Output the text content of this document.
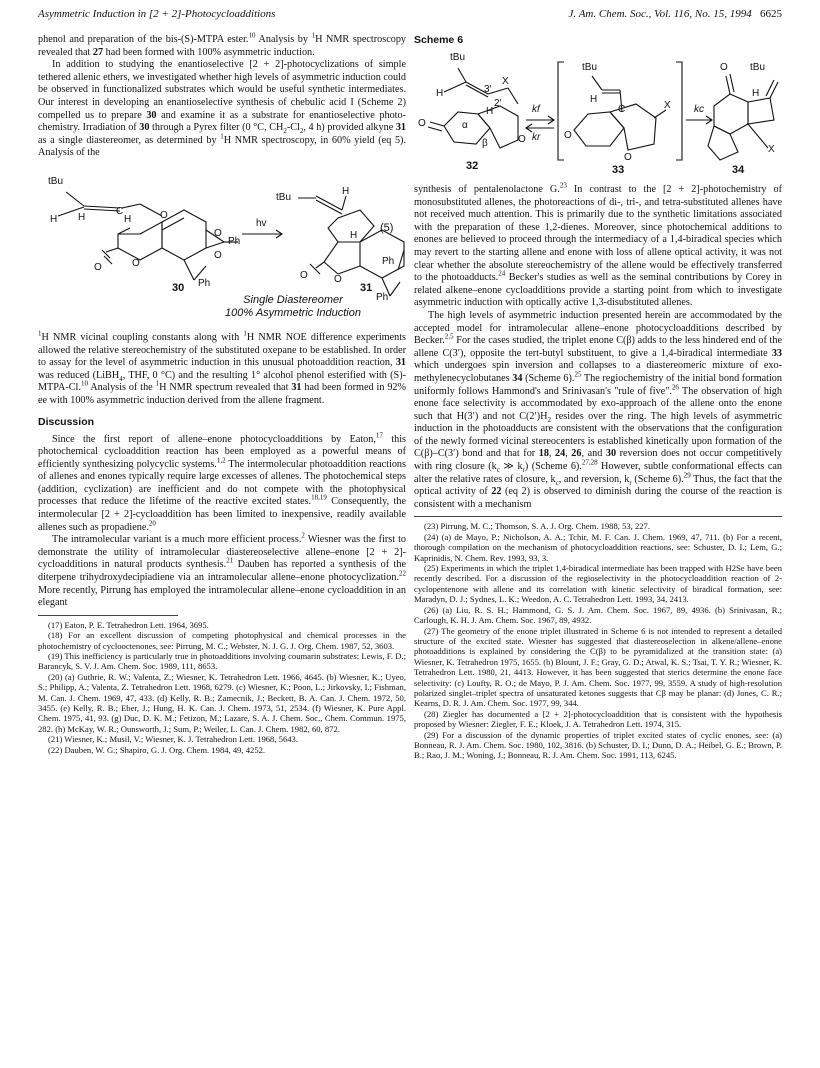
Asymmetric Induction in [2 + 2]-Photocycloadditions	J. Am. Chem. Soc., Vol. 116, No. 15, 1994 6625

phenol and preparation of the bis-(S)-MTPA ester.$^{10}$ Analysis by $^1$H NMR spectroscopy revealed that 27 had been formed with 100% asymmetric induction.

In addition to studying the enantioselective [2 + 2]-photocyclizations of simple tethered allenic ethers, we investigated whether high levels of asymmetric induction could be observed in functionalized substrates which would be useful synthetic intermediates. Our interest in developing an enantioselective synthesis of chebulic acid I (Scheme 2) compelled us to prepare 30 and examine it as a substrate for enantioselective photo-chemistry. Irradiation of 30 through a Pyrex filter (0 °C, $CH_2-Cl_2$, 4 h) provided alkyne 31 as a single diastereomer, as determined by $^1$H NMR spectroscopy, in 60% yield (eq 5). Analysis of the

tBu
H H
C
H	O
O	O
O
O
Ph
Ph
30
hv
tBu
H
H
O	O
Ph
31
Ph
(5)
Single Diastereomer
100% Asymmetric Induction

$^1$H NMR vicinal coupling constants along with $^1$H NMR NOE difference experiments allowed the relative stereochemistry of the substituted oxepane to be established. In order to assay for the level of asymmetric induction in this unusual photoaddition reaction, 31 was reduced (LiBH$_4$, THF, 0 °C) and the resulting 1° alcohol phenol esterified with (S)-MTPA-Cl.$^{10}$ Analysis of the $^1$H NMR spectrum revealed that 31 had been formed in 92% ee with 100% asymmetric induction derived from the allene fragment.

Discussion

Since the first report of allene–enone photocycloadditions by Eaton,$^{17}$ this photochemical cycloaddition reaction has been employed as a powerful means of efficiently synthesizing polycyclic systems.$^{1,2}$ The intermolecular photoaddition reactions of allenes and enones typically require large excesses of allenes. The photochemical steps (addition, cyclization) are inefficient and do not compete with the photophysical processes that reduce the lifetime of the reactive excited states.$^{18,19}$ Consequently, the intermolecular [2 + 2]-cycloaddition has been limited to inexpensive, readily available allenes such as propadiene.$^{20}$

The intramolecular variant is a much more efficient process.$^2$ Wiesner was the first to demonstrate the utility of intramolecular diastereoselective allene–enone [2 + 2]-cycloadditions in natural products synthesis.$^{21}$ Dauben has reported a synthesis of the diterpene trihydroxydecipiadiene via an intramolecular allene–enone photocyclization.$^{22}$ More recently, Pirrung has employed the intramolecular allene–enone cycloaddition in an elegant

(17) Eaton, P. E. Tetrahedron Lett. 1964, 3695.

(18) For an excellent discussion of competing photophysical and chemical processes in the photochemistry of cyclooctenones, see: Pirrung, M. C.; Webster, N. J. G. J. Org. Chem. 1987, 52, 3603.

(19) This inefficiency is particularly true in photoadditions involving coumarin substrates: Lewis, F. D.; Barancyk, S. V. J. Am. Chem. Soc. 1989, 111, 8653.

(20) (a) Guthrie, R. W.; Valenta, Z.; Wiesner, K. Tetrahedron Lett. 1966, 4645. (b) Wiesner, K.; Uyeo, S.; Philipp, A.; Valenta, Z. Tetrahedron Lett. 1968, 6279. (c) Wiesner, K.; Poon, L.; Jirkovsky, I.; Fishman, M. Can. J. Chem. 1969, 47, 433. (d) Kelly, R. B.; Zamecnik, J.; Beckett, B. A. Can. J. Chem. 1972, 50, 3455. (e) Kelly, R. B.; Eber, J.; Hung, H. K. Can. J. Chem. 1973, 51, 2534. (f) Wiesner, K. Pure Appl. Chem. 1975, 41, 93. (g) Duc, D. K. M.; Fetizon, M.; Lazare, S. A. J. Chem. Soc., Chem. Commun. 1975, 282. (h) McKay, W. R.; Ounsworth, J.; Sum, P.; Weiler, L. Can. J. Chem. 1982, 60, 872.

(21) Wiesner, K.; Musil, V.; Wiesner, K. J. Tetrahedron Lett. 1968, 5643.

(22) Dauben, W. G.; Shapiro, G. J. Org. Chem. 1984, 49, 4252.

Scheme 6
tBu
H	3′
X
2′
H
O	α
β	O
32
kf
kr
tBu
H
C	X
O
O
33
kc
tBu
O
H
X
34

synthesis of pentalenolactone G.$^{23}$ In contrast to the [2 + 2]-photochemistry of monosubstituted allenes, the photoreactions of di-, tri-, and tetra-substituted allenes have not received much attention. This is primarily due to the synthetic limitations associated with the preparation of these 1,2-dienes. Moreover, since photochemical additions to enones are believed to proceed through the intermediacy of a 1,4-biradical species which may revert to the starting allene and enone with loss of allene optical activity, it was not clear whether the absolute stereochemistry of the allene would be effectively transferred to the photoadducts.$^{24}$ Becker's studies as well as the seminal contributions by Corey in related alkene–enone cycloadditions provide a starting point from which to investigate asymmetric induction with optically active 1,3-disubstituted allenes.

The high levels of asymmetric induction presented herein are accommodated by the accepted model for intramolecular allene–enone photocycloadditions described by Becker.$^{2,5}$ For the cases studied, the triplet enone C(β) adds to the less hindered end of the allene C(3′), opposite the tert-butyl substituent, to give a 1,4-biradical intermediate 33 which undergoes spin inversion and collapses to a diastereomeric mixture of exo-methylenecyclobutanes 34 (Scheme 6).$^{25}$ The regiochemistry of the initial bond formation uniformly follows Hammond's and Srinivasan's "rule of five".$^{26}$ The observation of high enone face selectivity is accommodated by exo-approach of the allene onto the enone such that H(3′) and not $C(2')H_2$ resides over the ring. The high levels of asymmetric induction in the photoadducts are consistent with the observations that the configuration of the newly formed vicinal stereocenters is established kinetically upon formation of the C(β)–C(3′) bond and that for 18, 24, 26, and 30 reversion does not occur competitively with ring closure ($k_c$ ≫ $k_r$) (Scheme 6).$^{27,28}$ However, subtle conformational effects can alter the relative rates of closure, $k_c$, and reversion, $k_r$ (Scheme 6).$^{29}$ Thus, the fact that the optical activity of 22 (eq 2) is observed to diminish during the course of the reaction is consistent with a mechanism

(23) Pirrung, M. C.; Thomson, S. A. J. Org. Chem. 1988, 53, 227.

(24) (a) de Mayo, P.; Nicholson, A. A.; Tchir, M. F. Can. J. Chem. 1969, 47, 711. (b) For a recent, thorough compilation on the mechanism of photocycloaddition reactions, see: Schuster, D. I.; Lem, G.; Kaprinidis, N. Chem. Rev. 1993, 93, 3.

(25) Experiments in which the triplet 1,4-biradical intermediate has been trapped with H2Se have been recently described. For a discussion of the regioselectivity in the photocycloaddition reaction of 2-cyclopentenone with allene and its correlation with kinetic selectivity of biradical formation, see: Maradyn, D. J.; Sydnes, L. K.; Weedon, A. C. Tetrahedron Lett. 1993, 34, 2413.

(26) (a) Liu, R. S. H.; Hammond, G. S. J. Am. Chem. Soc. 1967, 89, 4936. (b) Srinivasan, R.; Carlough, K. H. J. Am. Chem. Soc. 1967, 89, 4932.

(27) The geometry of the enone triplet illustrated in Scheme 6 is not intended to represent a detailed structure of the excited state. Wiesner has suggested that diastereoselection in alkene/allene–enone photoadditions is explained by considering the C(β) to be pyramidalized at the transition state: (a) Wiesner, K. Tetrahedron 1975, 1655. (b) Blount, J. F.; Gray, G. D.; Atwal, K. S.; Tsai, T. Y. R.; Wiesner, K. Tetrahedron Lett. 1980, 21, 4413. However, it has been suggested that sterics determine the enone face selectivity: (c) Loufty, R. O.; de Mayo, P. J. Am. Chem. Soc. 1977, 99, 3559. A study of high-resolution polarized singlet–triplet spectra of unsaturated ketones suggests that Cβ may be planar: (d) Jones, C. R.; Kearns, D. R. J. Am. Chem. Soc. 1977, 99, 344.

(28) Ziegler has documented a [2 + 2]-photocycloaddition that is consistent with the hypothesis proposed by Wiesner: Ziegler, F. E.; Kloek, J. A. Tetrahedron Lett. 1974, 315.

(29) For a discussion of the dynamic properties of triplet excited states of cyclic enones, see: (a) Bonneau, R. J. Am. Chem. Soc. 1980, 102, 3816. (b) Schuster, D. I.; Dunn, D. A.; Heibel, G. E.; Brown, P. B.; Rao, J. M.; Woning, J.; Bonneau, R. J. Am. Chem. Soc. 1991, 113, 6245.
